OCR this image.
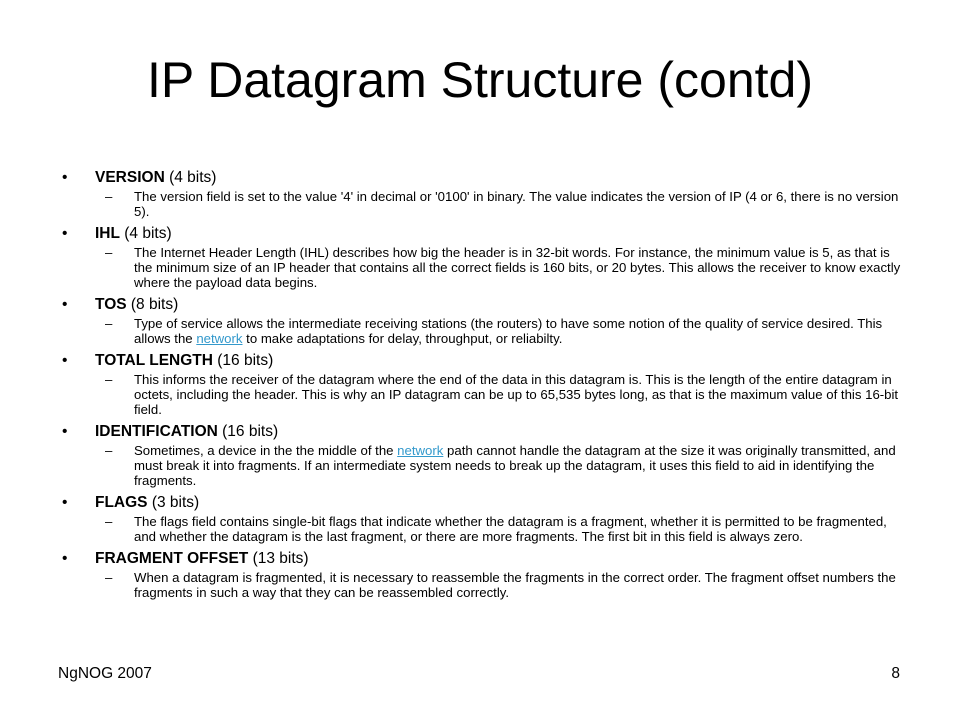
IP Datagram Structure (contd)
• VERSION (4 bits)
– The version field is set to the value '4' in decimal or '0100' in binary. The value indicates the version of IP (4 or 6, there is no version 5).
• IHL (4 bits)
– The Internet Header Length (IHL) describes how big the header is in 32-bit words. For instance, the minimum value is 5, as that is the minimum size of an IP header that contains all the correct fields is 160 bits, or 20 bytes. This allows the receiver to know exactly where the payload data begins.
• TOS (8 bits)
– Type of service allows the intermediate receiving stations (the routers) to have some notion of the quality of service desired. This allows the network to make adaptations for delay, throughput, or reliabilty.
• TOTAL LENGTH (16 bits)
– This informs the receiver of the datagram where the end of the data in this datagram is. This is the length of the entire datagram in octets, including the header. This is why an IP datagram can be up to 65,535 bytes long, as that is the maximum value of this 16-bit field.
• IDENTIFICATION (16 bits)
– Sometimes, a device in the the middle of the network path cannot handle the datagram at the size it was originally transmitted, and must break it into fragments. If an intermediate system needs to break up the datagram, it uses this field to aid in identifying the fragments.
• FLAGS (3 bits)
– The flags field contains single-bit flags that indicate whether the datagram is a fragment, whether it is permitted to be fragmented, and whether the datagram is the last fragment, or there are more fragments. The first bit in this field is always zero.
• FRAGMENT OFFSET (13 bits)
– When a datagram is fragmented, it is necessary to reassemble the fragments in the correct order. The fragment offset numbers the fragments in such a way that they can be reassembled correctly.
NgNOG 2007	8
